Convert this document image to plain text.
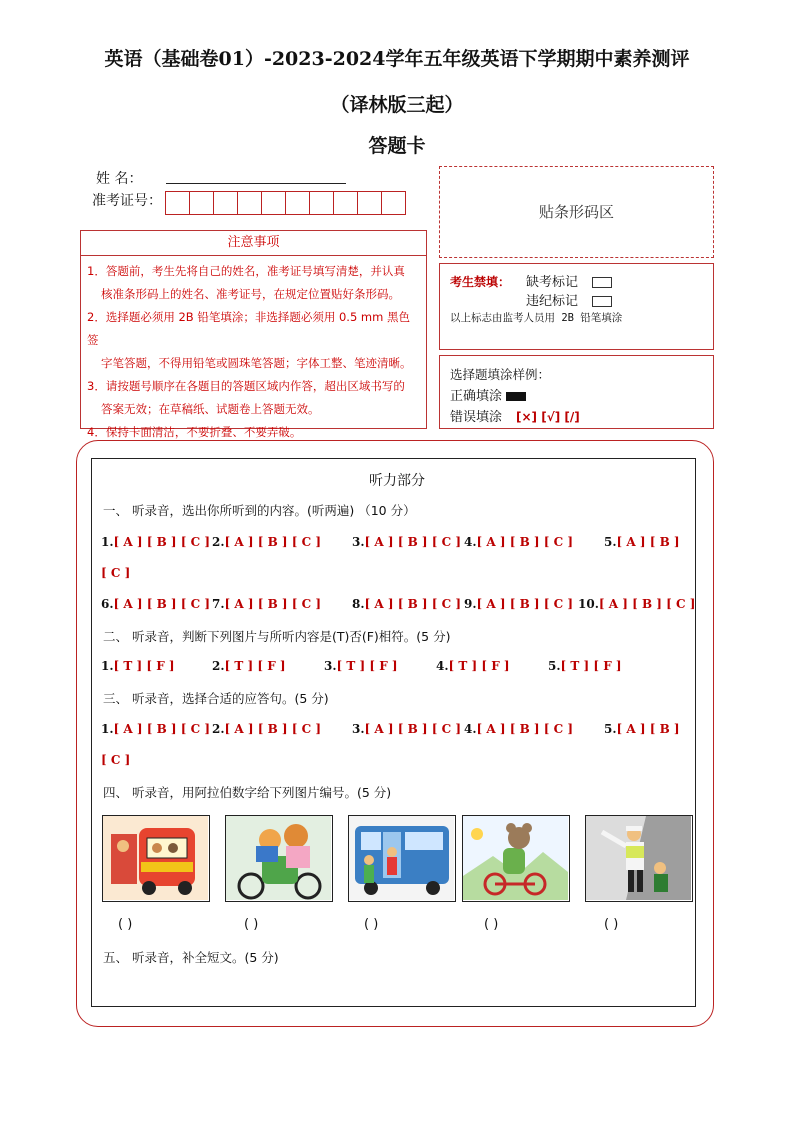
英语（基础卷01）-2023-2024学年五年级英语下学期期中素养测评
（译林版三起）
答题卡
姓 名：
准考证号：
贴条形码区
注意事项
1．答题前，考生先将自己的姓名，准考证号填写清楚，并认真
核准条形码上的姓名、准考证号，在规定位置贴好条形码。
2．选择题必须用 2B 铅笔填涂；非选择题必须用 0.5 mm 黑色签
字笔答题，不得用铅笔或圆珠笔答题；字体工整、笔迹清晰。
3．请按题号顺序在各题目的答题区域内作答，超出区域书写的
答案无效；在草稿纸、试题卷上答题无效。
4．保持卡面清洁，不要折叠、不要弄破。
考生禁填： 缺考标记
违纪标记
以上标志由监考人员用 2B 铅笔填涂
选择题填涂样例：
正确填涂
错误填涂 [×] [√] [/]
听力部分
一、 听录音，选出你所听到的内容。(听两遍) （10 分）
1.[ A ] [ B ] [ C ] 2.[ A ] [ B ] [ C ]	3.[ A ] [ B ] [ C ] 4.[ A ] [ B ] [ C ]	5.[ A ] [ B ]
[ C ]
6.[ A ] [ B ] [ C ] 7.[ A ] [ B ] [ C ]	8.[ A ] [ B ] [ C ] 9.[ A ] [ B ] [ C ] 10.[ A ] [ B ] [ C ]
二、 听录音，判断下列图片与所听内容是(T)否(F)相符。(5 分)
1.[ T ] [ F ]	2.[ T ] [ F ]	3.[ T ] [ F ]	4.[ T ] [ F ]	5.[ T ] [ F ]
三、 听录音，选择合适的应答句。(5 分)
1.[ A ] [ B ] [ C ] 2.[ A ] [ B ] [ C ]	3.[ A ] [ B ] [ C ] 4.[ A ] [ B ] [ C ]	5.[ A ] [ B ]
[ C ]
四、 听录音，用阿拉伯数字给下列图片编号。(5 分)
( )	( )	( )	( )	( )
五、 听录音，补全短文。(5 分)
